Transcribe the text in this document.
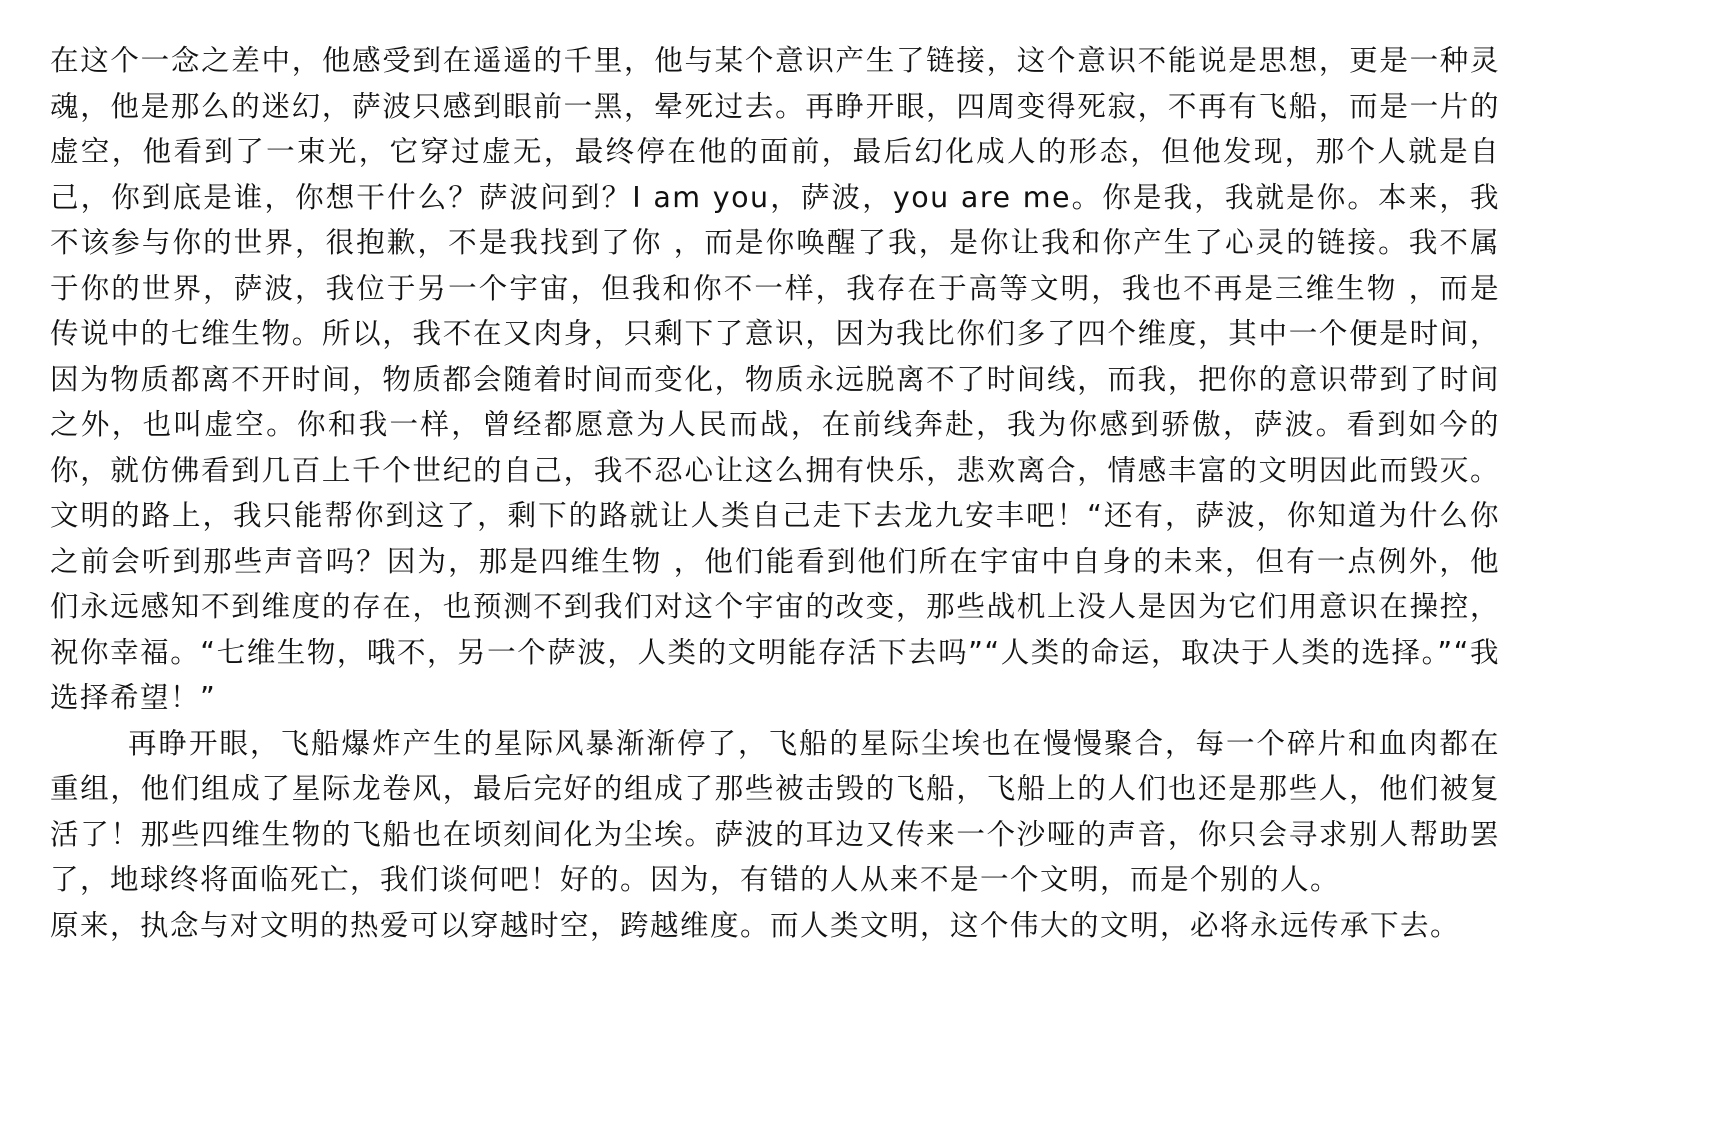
在这个一念之差中，他感受到在遥遥的千里，他与某个意识产生了链接，这个意识不能说是思想，更是一种灵魂，他是那么的迷幻，萨波只感到眼前一黑，晕死过去。再睁开眼，四周变得死寂，不再有飞船，而是一片的虚空，他看到了一束光，它穿过虚无，最终停在他的面前，最后幻化成人的形态，但他发现，那个人就是自己，你到底是谁，你想干什么？萨波问到？I am you，萨波，you are me。你是我，我就是你。本来，我不该参与你的世界，很抱歉，不是我找到了你 ，而是你唤醒了我，是你让我和你产生了心灵的链接。我不属于你的世界，萨波，我位于另一个宇宙，但我和你不一样，我存在于高等文明，我也不再是三维生物 ，而是传说中的七维生物。所以，我不在又肉身，只剩下了意识，因为我比你们多了四个维度，其中一个便是时间，因为物质都离不开时间，物质都会随着时间而变化，物质永远脱离不了时间线，而我，把你的意识带到了时间之外，也叫虚空。你和我一样，曾经都愿意为人民而战，在前线奔赴，我为你感到骄傲，萨波。看到如今的你，就仿佛看到几百上千个世纪的自己，我不忍心让这么拥有快乐，悲欢离合，情感丰富的文明因此而毁灭。文明的路上，我只能帮你到这了，剩下的路就让人类自己走下去龙九安丰吧！“还有，萨波，你知道为什么你之前会听到那些声音吗？因为，那是四维生物 ，他们能看到他们所在宇宙中自身的未来，但有一点例外，他们永远感知不到维度的存在，也预测不到我们对这个宇宙的改变，那些战机上没人是因为它们用意识在操控，祝你幸福。“七维生物，哦不，另一个萨波，人类的文明能存活下去吗”“人类的命运，取决于人类的选择。”“我选择希望！”

再睁开眼，飞船爆炸产生的星际风暴渐渐停了，飞船的星际尘埃也在慢慢聚合，每一个碎片和血肉都在重组，他们组成了星际龙卷风，最后完好的组成了那些被击毁的飞船，飞船上的人们也还是那些人，他们被复活了！那些四维生物的飞船也在顷刻间化为尘埃。萨波的耳边又传来一个沙哑的声音，你只会寻求别人帮助罢了，地球终将面临死亡，我们谈何吧！好的。因为，有错的人从来不是一个文明，而是个别的人。

原来，执念与对文明的热爱可以穿越时空，跨越维度。而人类文明，这个伟大的文明，必将永远传承下去。
